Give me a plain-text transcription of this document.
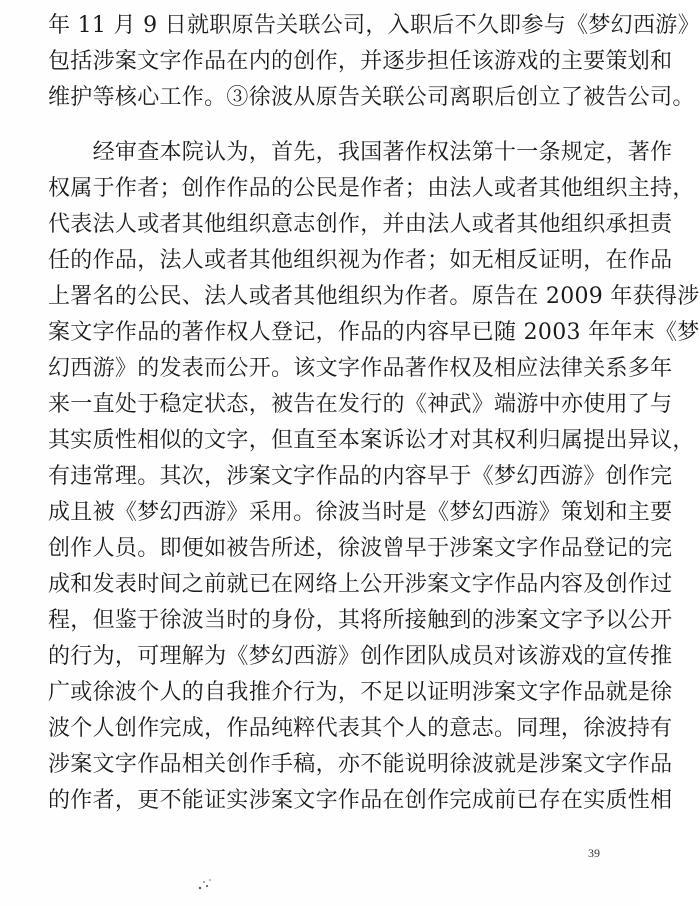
年 11 月 9 日就职原告关联公司，入职后不久即参与《梦幻西游》
包括涉案文字作品在内的创作，并逐步担任该游戏的主要策划和
维护等核心工作。③徐波从原告关联公司离职后创立了被告公司。
　　经审查本院认为，首先，我国著作权法第十一条规定，著作
权属于作者；创作作品的公民是作者；由法人或者其他组织主持，
代表法人或者其他组织意志创作，并由法人或者其他组织承担责
任的作品，法人或者其他组织视为作者；如无相反证明，在作品
上署名的公民、法人或者其他组织为作者。原告在 2009 年获得涉
案文字作品的著作权人登记，作品的内容早已随 2003 年年末《梦
幻西游》的发表而公开。该文字作品著作权及相应法律关系多年
来一直处于稳定状态，被告在发行的《神武》端游中亦使用了与
其实质性相似的文字，但直至本案诉讼才对其权利归属提出异议，
有违常理。其次，涉案文字作品的内容早于《梦幻西游》创作完
成且被《梦幻西游》采用。徐波当时是《梦幻西游》策划和主要
创作人员。即便如被告所述，徐波曾早于涉案文字作品登记的完
成和发表时间之前就已在网络上公开涉案文字作品内容及创作过
程，但鉴于徐波当时的身份，其将所接触到的涉案文字予以公开
的行为，可理解为《梦幻西游》创作团队成员对该游戏的宣传推
广或徐波个人的自我推介行为，不足以证明涉案文字作品就是徐
波个人创作完成，作品纯粹代表其个人的意志。同理，徐波持有
涉案文字作品相关创作手稿，亦不能说明徐波就是涉案文字作品
的作者，更不能证实涉案文字作品在创作完成前已存在实质性相
39
